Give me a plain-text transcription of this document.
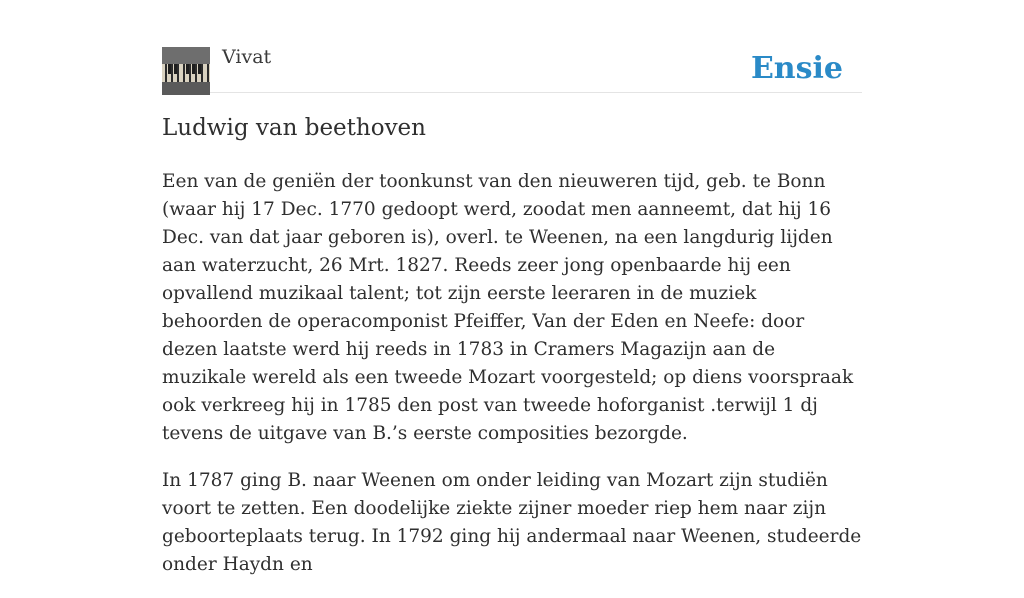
Vivat	Ensie
Ludwig van beethoven

Een van de geniën der toonkunst van den nieuweren tijd, geb. te Bonn (waar hij 17 Dec. 1770 gedoopt werd, zoodat men aanneemt, dat hij 16 Dec. van dat jaar geboren is), overl. te Weenen, na een langdurig lijden aan waterzucht, 26 Mrt. 1827. Reeds zeer jong openbaarde hij een opvallend muzikaal talent; tot zijn eerste leeraren in de muziek behoorden de operacomponist Pfeiffer, Van der Eden en Neefe: door dezen laatste werd hij reeds in 1783 in Cramers Magazijn aan de muzikale wereld als een tweede Mozart voorgesteld; op diens voorspraak ook verkreeg hij in 1785 den post van tweede hoforganist .terwijl 1 dj tevens de uitgave van B.’s eerste composities bezorgde.

In 1787 ging B. naar Weenen om onder leiding van Mozart zijn studiën voort te zetten. Een doodelijke ziekte zijner moeder riep hem naar zijn geboorteplaats terug. In 1792 ging hij andermaal naar Weenen, studeerde onder Haydn en
